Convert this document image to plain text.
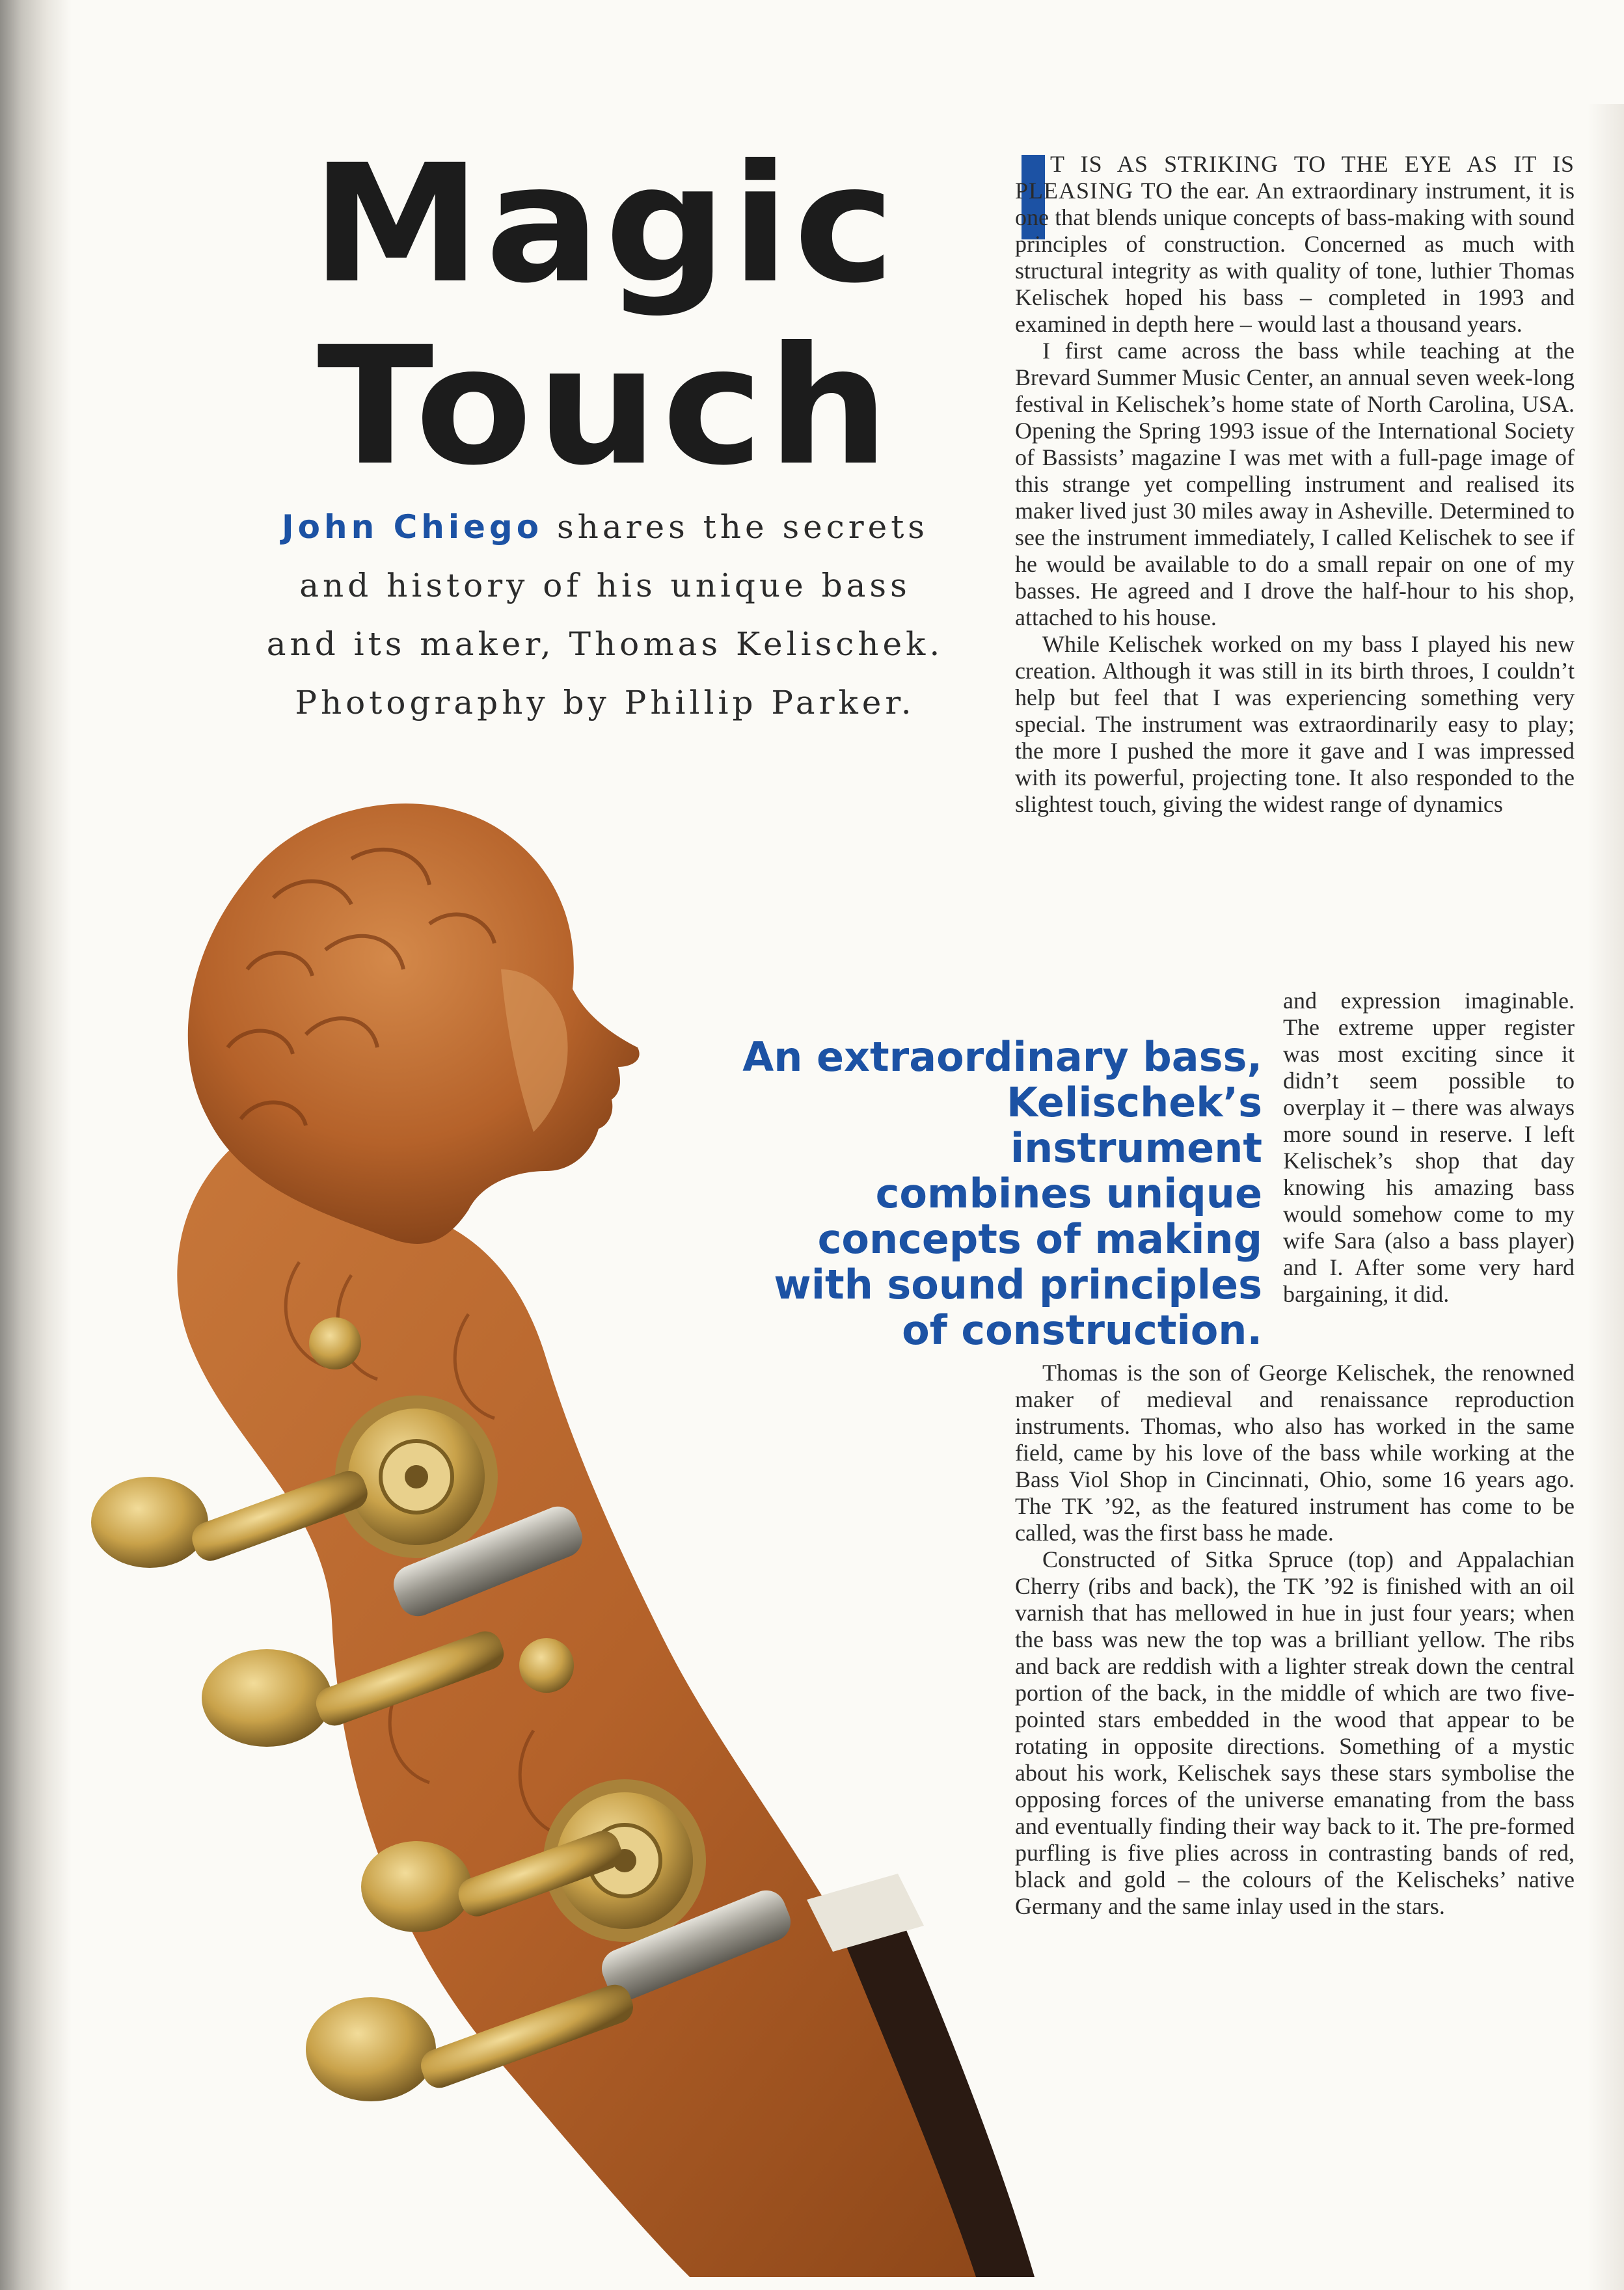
Magic
Touch

John Chiego shares the secrets and history of his unique bass and its maker, Thomas Kelischek. Photography by Phillip Parker.

An extraordinary bass,
Kelischek’s instrument
combines unique
concepts of making
with sound principles
of construction.

T IS AS STRIKING TO THE EYE AS IT IS PLEASING TO the ear. An extraordinary instrument, it is one that blends unique concepts of bass-making with sound principles of construction. Concerned as much with structural integrity as with quality of tone, luthier Thomas Kelischek hoped his bass – completed in 1993 and examined in depth here – would last a thousand years.

I first came across the bass while teaching at the Brevard Summer Music Center, an annual seven week-long festival in Kelischek’s home state of North Carolina, USA. Opening the Spring 1993 issue of the International Society of Bassists’ magazine I was met with a full-page image of this strange yet compelling instrument and realised its maker lived just 30 miles away in Asheville. Determined to see the instrument immediately, I called Kelischek to see if he would be available to do a small repair on one of my basses. He agreed and I drove the half-hour to his shop, attached to his house.

While Kelischek worked on my bass I played his new creation. Although it was still in its birth throes, I couldn’t help but feel that I was experiencing something very special. The instrument was extraordinarily easy to play; the more I pushed the more it gave and I was impressed with its powerful, projecting tone. It also responded to the slightest touch, giving the widest range of dynamics

and expression imaginable. The extreme upper register was most exciting since it didn’t seem possible to overplay it – there was always more sound in reserve. I left Kelischek’s shop that day knowing his amazing bass would somehow come to my wife Sara (also a bass player) and I. After some very hard bargaining, it did.

Thomas is the son of George Kelischek, the renowned maker of medieval and renaissance reproduction instruments. Thomas, who also has worked in the same field, came by his love of the bass while working at the Bass Viol Shop in Cincinnati, Ohio, some 16 years ago. The TK ’92, as the featured instrument has come to be called, was the first bass he made.

Constructed of Sitka Spruce (top) and Appalachian Cherry (ribs and back), the TK ’92 is finished with an oil varnish that has mellowed in hue in just four years; when the bass was new the top was a brilliant yellow. The ribs and back are reddish with a lighter streak down the central portion of the back, in the middle of which are two five-pointed stars embedded in the wood that appear to be rotating in opposite directions. Something of a mystic about his work, Kelischek says these stars symbolise the opposing forces of the universe emanating from the bass and eventually finding their way back to it. The pre-formed purfling is five plies across in contrasting bands of red, black and gold – the colours of the Kelischeks’ native Germany and the same inlay used in the stars.
